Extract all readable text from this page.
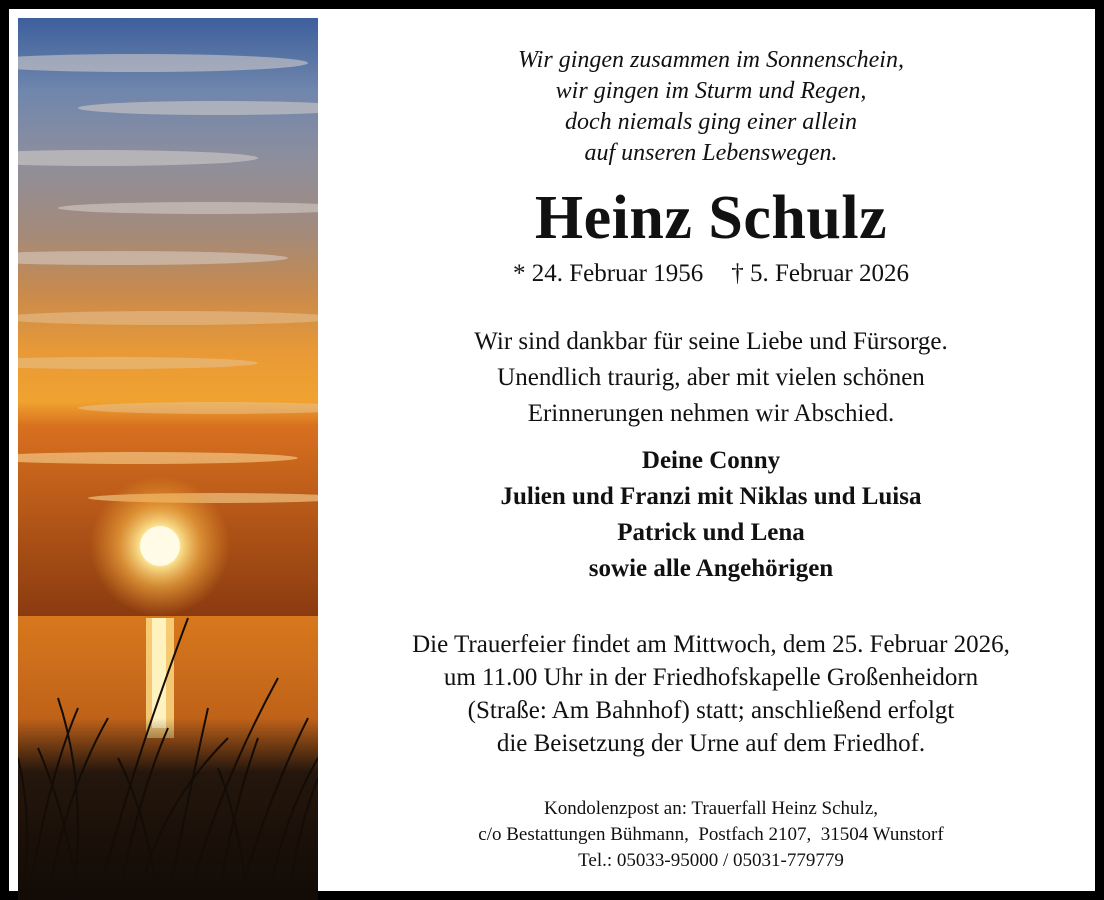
Wir gingen zusammen im Sonnenschein,
wir gingen im Sturm und Regen,
doch niemals ging einer allein
auf unseren Lebenswegen.
Heinz Schulz
* 24. Februar 1956 † 5. Februar 2026
Wir sind dankbar für seine Liebe und Fürsorge.
Unendlich traurig, aber mit vielen schönen
Erinnerungen nehmen wir Abschied.
Deine Conny
Julien und Franzi mit Niklas und Luisa
Patrick und Lena
sowie alle Angehörigen
Die Trauerfeier findet am Mittwoch, dem 25. Februar 2026,
um 11.00 Uhr in der Friedhofskapelle Großenheidorn
(Straße: Am Bahnhof) statt; anschließend erfolgt
die Beisetzung der Urne auf dem Friedhof.
Kondolenzpost an: Trauerfall Heinz Schulz,
c/o Bestattungen Bühmann,  Postfach 2107,  31504 Wunstorf
Tel.: 05033-95000 / 05031-779779
